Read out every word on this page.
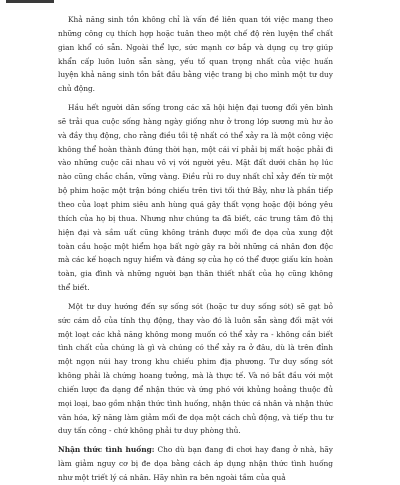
Khả năng sinh tồn không chỉ là vấn đề liên quan tới việc mang theo những công cụ thích hợp hoặc tuân theo một chế độ rèn luyện thể chất gian khổ có sẵn. Ngoài thể lực, sức mạnh cơ bắp và dụng cụ trợ giúp khẩn cấp luôn luôn sẵn sàng, yếu tố quan trọng nhất của việc huấn luyện khả năng sinh tồn bắt đầu bằng việc trang bị cho mình một tư duy chủ động.

Hầu hết người dân sống trong các xã hội hiện đại tương đối yên bình sẽ trải qua cuộc sống hàng ngày giống như ở trong lớp sương mù hư ảo và đầy thụ động, cho rằng điều tồi tệ nhất có thể xảy ra là một công việc không thể hoàn thành đúng thời hạn, một cái ví phải bị mất hoặc phải đi vào những cuộc cãi nhau vô vị với người yêu. Mặt đất dưới chân họ lúc nào cũng chắc chắn, vững vàng. Điều rủi ro duy nhất chỉ xảy đến từ một bộ phim hoặc một trận bóng chiếu trên tivi tối thứ Bảy, như là phần tiếp theo của loạt phim siêu anh hùng quá gây thất vọng hoặc đội bóng yêu thích của họ bị thua. Nhưng như chúng ta đã biết, các trung tâm đô thị hiện đại và sầm uất cũng không tránh được mối đe dọa của xung đột toàn cầu hoặc một hiểm họa bất ngờ gây ra bởi những cá nhân đơn độc mà các kế hoạch nguy hiểm và đáng sợ của họ có thể được giấu kín hoàn toàn, gia đình và những người bạn thân thiết nhất của họ cũng không thể biết.

Một tư duy hướng đến sự sống sót (hoặc tư duy sống sót) sẽ gạt bỏ sức cám dỗ của tính thụ động, thay vào đó là luôn sẵn sàng đối mặt với một loạt các khả năng không mong muốn có thể xảy ra - không cần biết tình chất của chúng là gì và chúng có thể xảy ra ở đâu, dù là trên đỉnh một ngọn núi hay trong khu chiếu phim địa phương. Tư duy sống sót không phải là chứng hoang tưởng, mà là thực tế. Và nó bắt đầu với một chiến lược đa dạng để nhận thức và ứng phó với khủng hoảng thuộc đủ mọi loại, bao gồm nhận thức tình huống, nhận thức cá nhân và nhận thức văn hóa, kỹ năng làm giảm mối đe dọa một cách chủ động, và tiếp thu tư duy tấn công - chứ không phải tư duy phòng thủ.

Nhận thức tình huống: Cho dù bạn đang đi chơi hay đang ở nhà, hãy làm giảm nguy cơ bị đe dọa bằng cách áp dụng nhận thức tình huống như một triết lý cá nhân. Hãy nhìn ra bên ngoài tầm của quả
